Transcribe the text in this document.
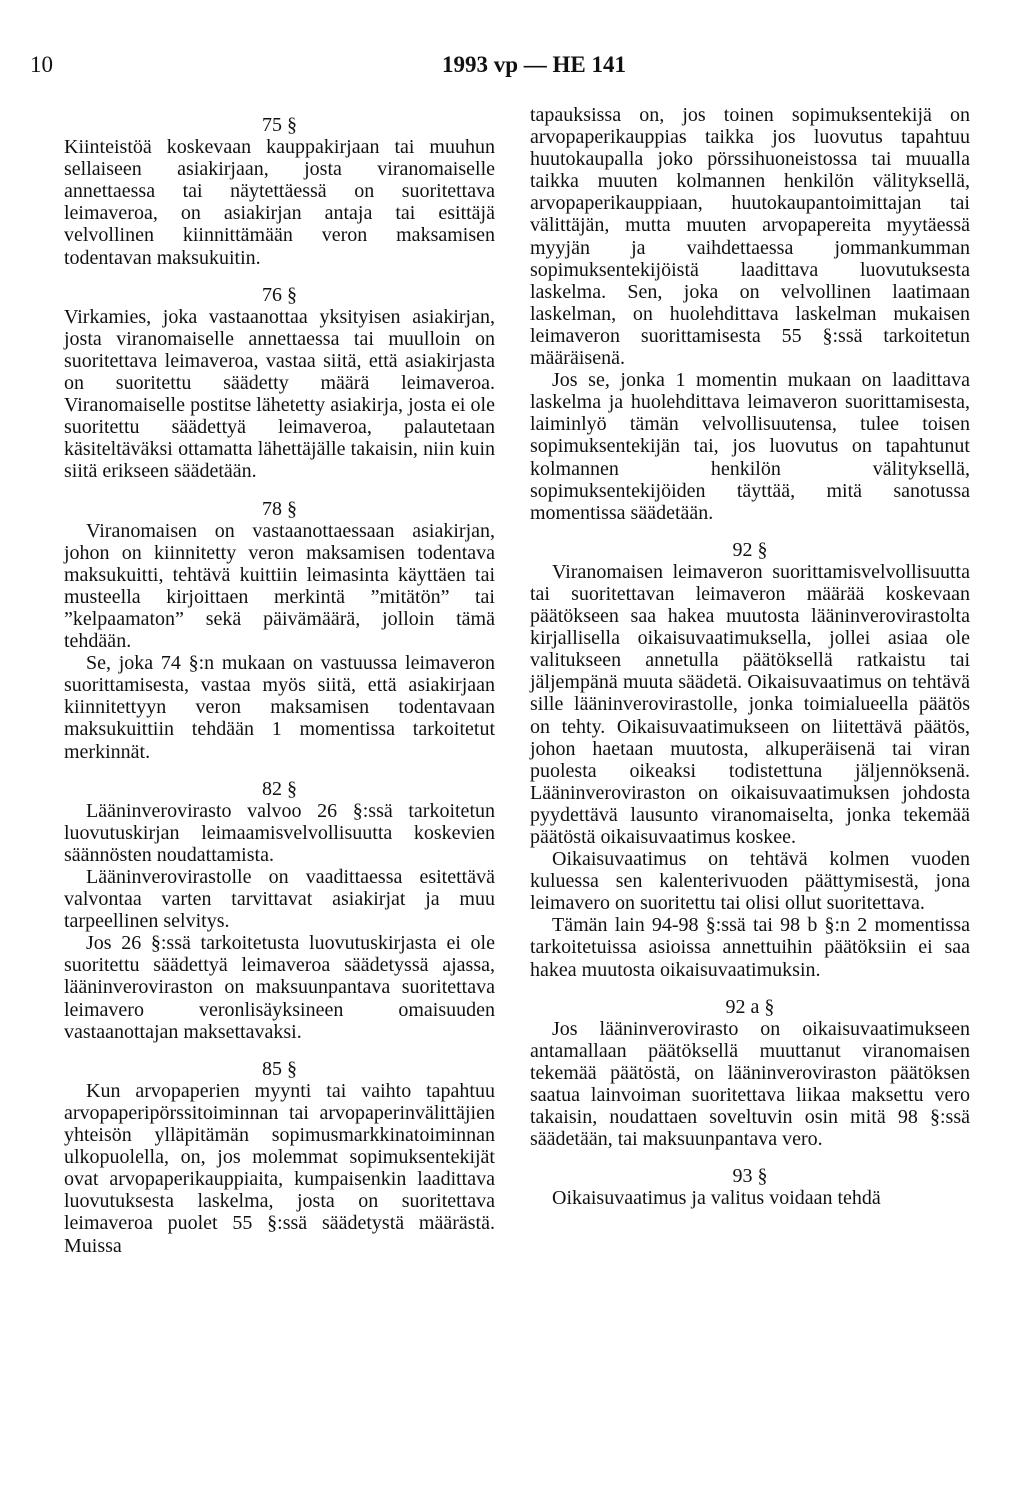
10	1993 vp — HE 141
75 §

Kiinteistöä koskevaan kauppakirjaan tai muuhun sellaiseen asiakirjaan, josta viranomaiselle annettaessa tai näytettäessä on suoritettava leimaveroa, on asiakirjan antaja tai esittäjä velvollinen kiinnittämään veron maksamisen todentavan maksukuitin.

76 §

Virkamies, joka vastaanottaa yksityisen asiakirjan, josta viranomaiselle annettaessa tai muulloin on suoritettava leimaveroa, vastaa siitä, että asiakirjasta on suoritettu säädetty määrä leimaveroa. Viranomaiselle postitse lähetetty asiakirja, josta ei ole suoritettu säädettyä leimaveroa, palautetaan käsiteltäväksi ottamatta lähettäjälle takaisin, niin kuin siitä erikseen säädetään.

78 §

Viranomaisen on vastaanottaessaan asiakirjan, johon on kiinnitetty veron maksamisen todentava maksukuitti, tehtävä kuittiin leimasinta käyttäen tai musteella kirjoittaen merkintä ”mitätön” tai ”kelpaamaton” sekä päivämäärä, jolloin tämä tehdään.

Se, joka 74 §:n mukaan on vastuussa leimaveron suorittamisesta, vastaa myös siitä, että asiakirjaan kiinnitettyyn veron maksamisen todentavaan maksukuittiin tehdään 1 momentissa tarkoitetut merkinnät.

82 §

Lääninverovirasto valvoo 26 §:ssä tarkoitetun luovutuskirjan leimaamisvelvollisuutta koskevien säännösten noudattamista.

Lääninverovirastolle on vaadittaessa esitettävä valvontaa varten tarvittavat asiakirjat ja muu tarpeellinen selvitys.

Jos 26 §:ssä tarkoitetusta luovutuskirjasta ei ole suoritettu säädettyä leimaveroa säädetyssä ajassa, lääninveroviraston on maksuunpantava suoritettava leimavero veronlisäyksineen omaisuuden vastaanottajan maksettavaksi.

85 §

Kun arvopaperien myynti tai vaihto tapahtuu arvopaperipörssitoiminnan tai arvopaperinvälittäjien yhteisön ylläpitämän sopimusmarkkinatoiminnan ulkopuolella, on, jos molemmat sopimuksentekijät ovat arvopaperikauppiaita, kumpaisenkin laadittava luovutuksesta laskelma, josta on suoritettava leimaveroa puolet 55 §:ssä säädetystä määrästä. Muissa

tapauksissa on, jos toinen sopimuksentekijä on arvopaperikauppias taikka jos luovutus tapahtuu huutokaupalla joko pörssihuoneistossa tai muualla taikka muuten kolmannen henkilön välityksellä, arvopaperikauppiaan, huutokaupantoimittajan tai välittäjän, mutta muuten arvopapereita myytäessä myyjän ja vaihdettaessa jommankumman sopimuksentekijöistä laadittava luovutuksesta laskelma. Sen, joka on velvollinen laatimaan laskelman, on huolehdittava laskelman mukaisen leimaveron suorittamisesta 55 §:ssä tarkoitetun määräisenä.

Jos se, jonka 1 momentin mukaan on laadittava laskelma ja huolehdittava leimaveron suorittamisesta, laiminlyö tämän velvollisuutensa, tulee toisen sopimuksentekijän tai, jos luovutus on tapahtunut kolmannen henkilön välityksellä, sopimuksentekijöiden täyttää, mitä sanotussa momentissa säädetään.

92 §

Viranomaisen leimaveron suorittamisvelvollisuutta tai suoritettavan leimaveron määrää koskevaan päätökseen saa hakea muutosta lääninverovirastolta kirjallisella oikaisuvaatimuksella, jollei asiaa ole valitukseen annetulla päätöksellä ratkaistu tai jäljempänä muuta säädetä. Oikaisuvaatimus on tehtävä sille lääninverovirastolle, jonka toimialueella päätös on tehty. Oikaisuvaatimukseen on liitettävä päätös, johon haetaan muutosta, alkuperäisenä tai viran puolesta oikeaksi todistettuna jäljennöksenä. Lääninveroviraston on oikaisuvaatimuksen johdosta pyydettävä lausunto viranomaiselta, jonka tekemää päätöstä oikaisuvaatimus koskee.

Oikaisuvaatimus on tehtävä kolmen vuoden kuluessa sen kalenterivuoden päättymisestä, jona leimavero on suoritettu tai olisi ollut suoritettava.

Tämän lain 94-98 §:ssä tai 98 b §:n 2 momentissa tarkoitetuissa asioissa annettuihin päätöksiin ei saa hakea muutosta oikaisuvaatimuksin.

92 a §

Jos lääninverovirasto on oikaisuvaatimukseen antamallaan päätöksellä muuttanut viranomaisen tekemää päätöstä, on lääninveroviraston päätöksen saatua lainvoiman suoritettava liikaa maksettu vero takaisin, noudattaen soveltuvin osin mitä 98 §:ssä säädetään, tai maksuunpantava vero.

93 §

Oikaisuvaatimus ja valitus voidaan tehdä
